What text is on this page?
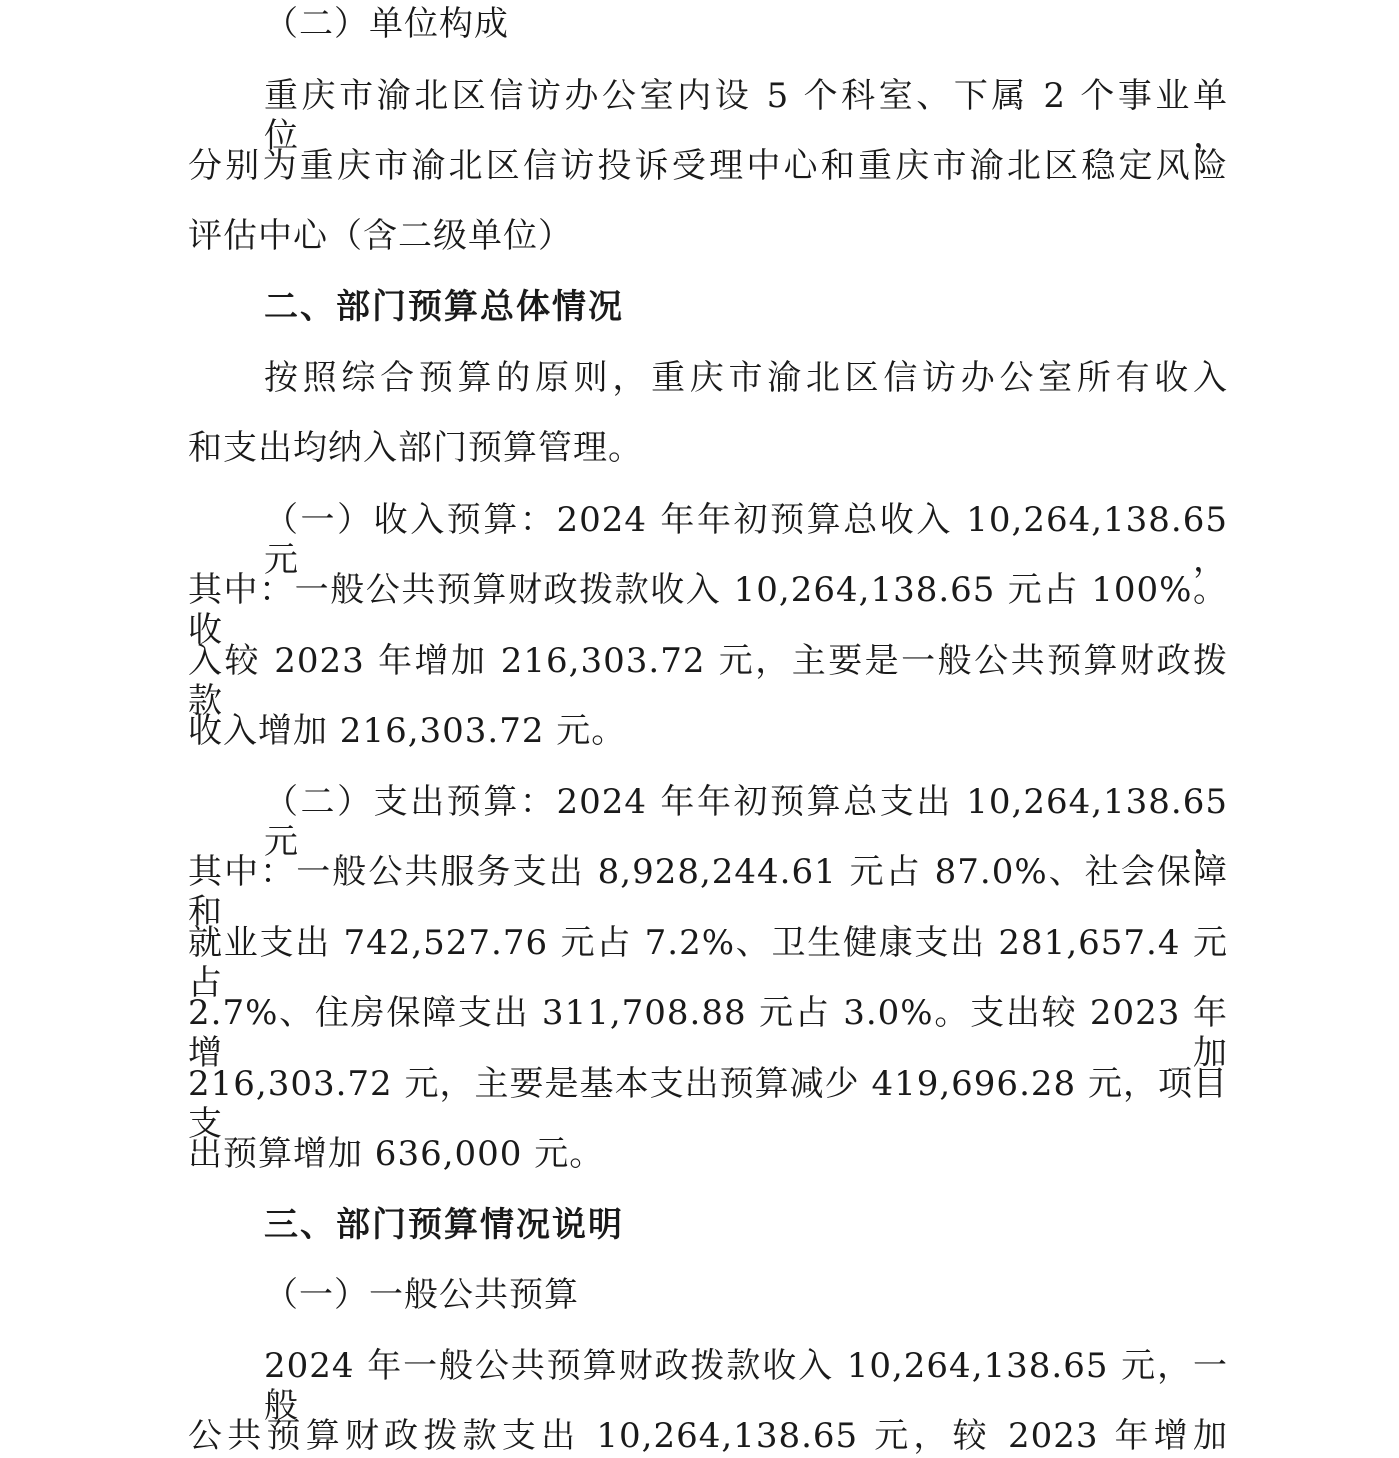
（二）单位构成
重庆市渝北区信访办公室内设 5 个科室、下属 2 个事业单位，
分别为重庆市渝北区信访投诉受理中心和重庆市渝北区稳定风险
评估中心（含二级单位）
二、部门预算总体情况
按照综合预算的原则，重庆市渝北区信访办公室所有收入
和支出均纳入部门预算管理。
（一）收入预算：2024 年年初预算总收入 10,264,138.65 元，
其中：一般公共预算财政拨款收入 10,264,138.65 元占 100%。收
入较 2023 年增加 216,303.72 元，主要是一般公共预算财政拨款
收入增加 216,303.72 元。
（二）支出预算：2024 年年初预算总支出 10,264,138.65 元，
其中：一般公共服务支出 8,928,244.61 元占 87.0%、社会保障和
就业支出 742,527.76 元占 7.2%、卫生健康支出 281,657.4 元占
2.7%、住房保障支出 311,708.88 元占 3.0%。支出较 2023 年增加
216,303.72 元，主要是基本支出预算减少 419,696.28 元，项目支
出预算增加 636,000 元。
三、部门预算情况说明
（一）一般公共预算
2024 年一般公共预算财政拨款收入 10,264,138.65 元，一般
公共预算财政拨款支出 10,264,138.65 元，较 2023 年增加
